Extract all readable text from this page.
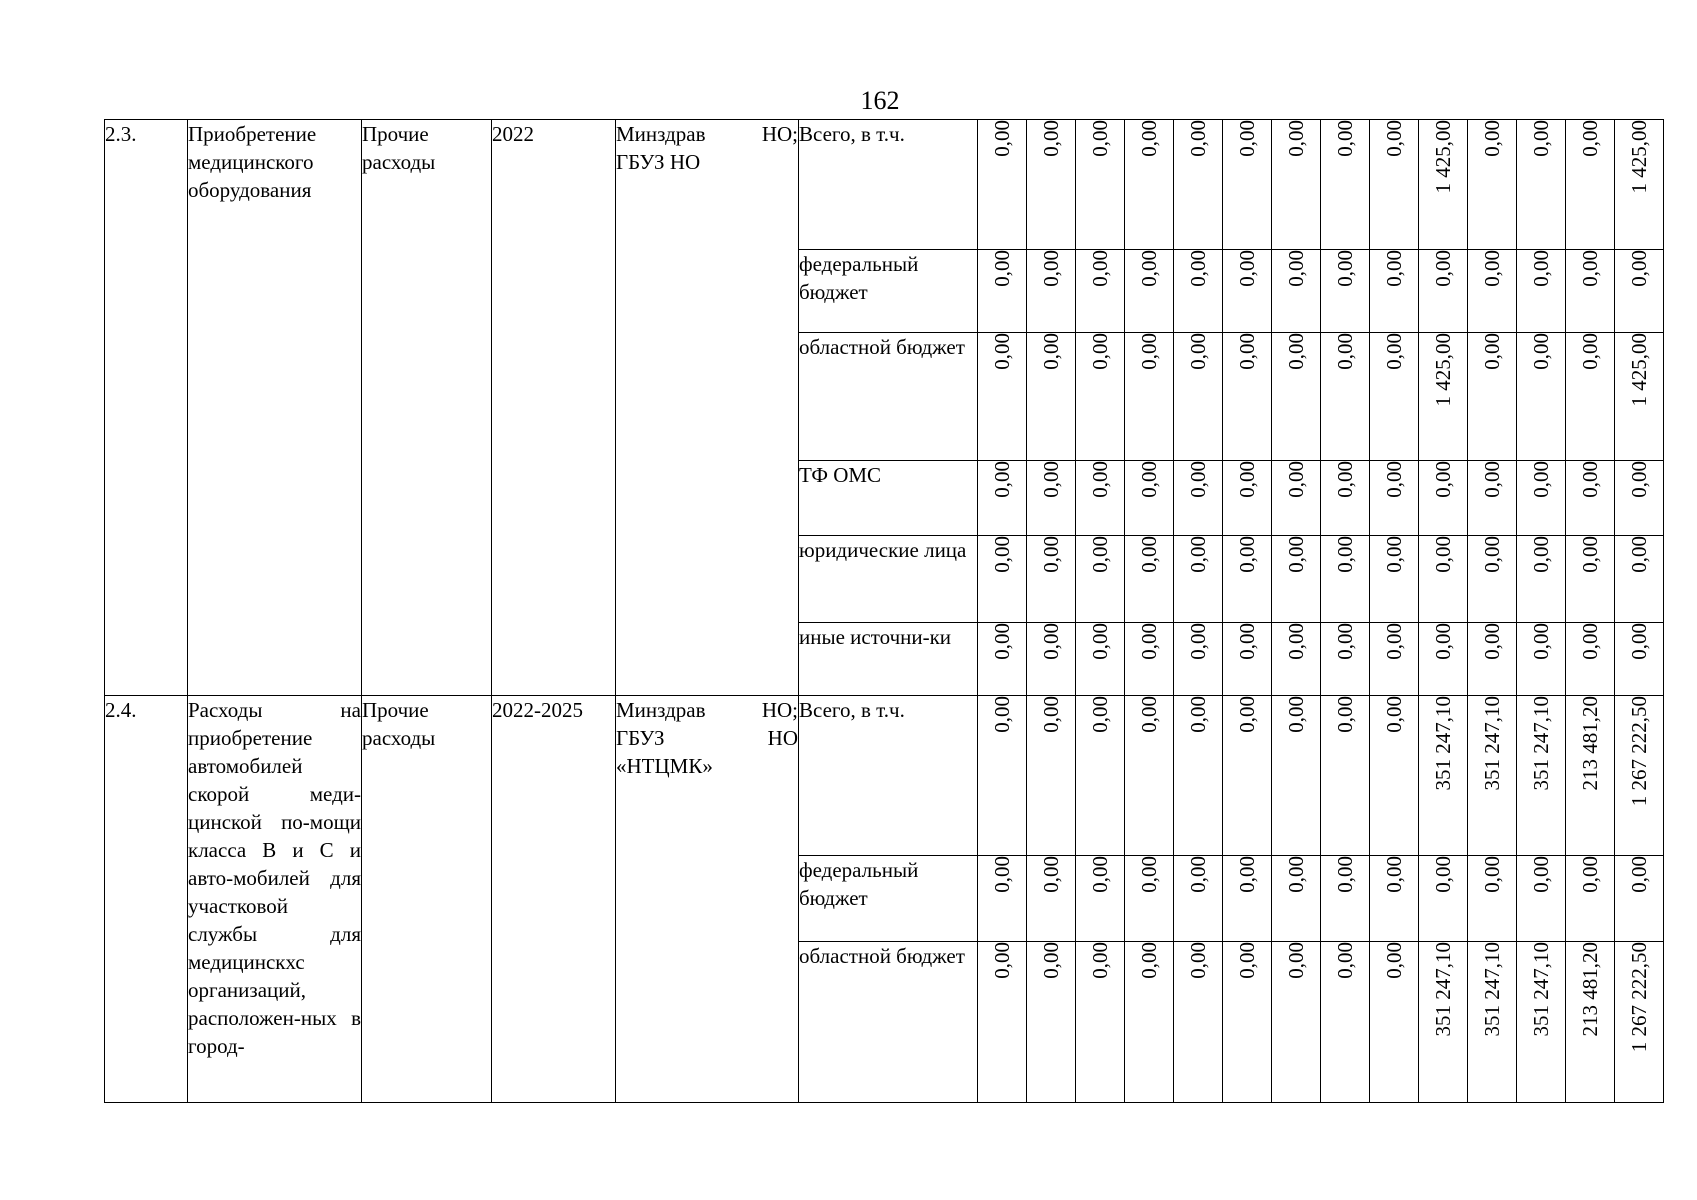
162
2.3.	Приобретение медицинского оборудования	Прочие расходы	2022	Минздрав НО; ГБУЗ НО	Всего, в т.ч.	0,00	0,00	0,00	0,00	0,00	0,00	0,00	0,00	0,00	1 425,00	0,00	0,00	0,00	1 425,00

					федеральный бюджет	0,00	0,00	0,00	0,00	0,00	0,00	0,00	0,00	0,00	0,00	0,00	0,00	0,00	0,00

					областной бюджет	0,00	0,00	0,00	0,00	0,00	0,00	0,00	0,00	0,00	1 425,00	0,00	0,00	0,00	1 425,00

					ТФ ОМС	0,00	0,00	0,00	0,00	0,00	0,00	0,00	0,00	0,00	0,00	0,00	0,00	0,00	0,00

					юридические лица	0,00	0,00	0,00	0,00	0,00	0,00	0,00	0,00	0,00	0,00	0,00	0,00	0,00	0,00

					иные источни-ки	0,00	0,00	0,00	0,00	0,00	0,00	0,00	0,00	0,00	0,00	0,00	0,00	0,00	0,00

2.4.	Расходы на приобретение автомобилей скорой меди-цинской по-мощи класса В и С и авто-мобилей для участковой службы для медицинскхс организаций, расположен-ных в город-	Прочие расходы	2022-2025	Минздрав НО; ГБУЗ НО «НТЦМК»	Всего, в т.ч.	0,00	0,00	0,00	0,00	0,00	0,00	0,00	0,00	0,00	351 247,10	351 247,10	351 247,10	213 481,20	1 267 222,50

					федеральный бюджет	0,00	0,00	0,00	0,00	0,00	0,00	0,00	0,00	0,00	0,00	0,00	0,00	0,00	0,00

					областной бюджет	0,00	0,00	0,00	0,00	0,00	0,00	0,00	0,00	0,00	351 247,10	351 247,10	351 247,10	213 481,20	1 267 222,50
